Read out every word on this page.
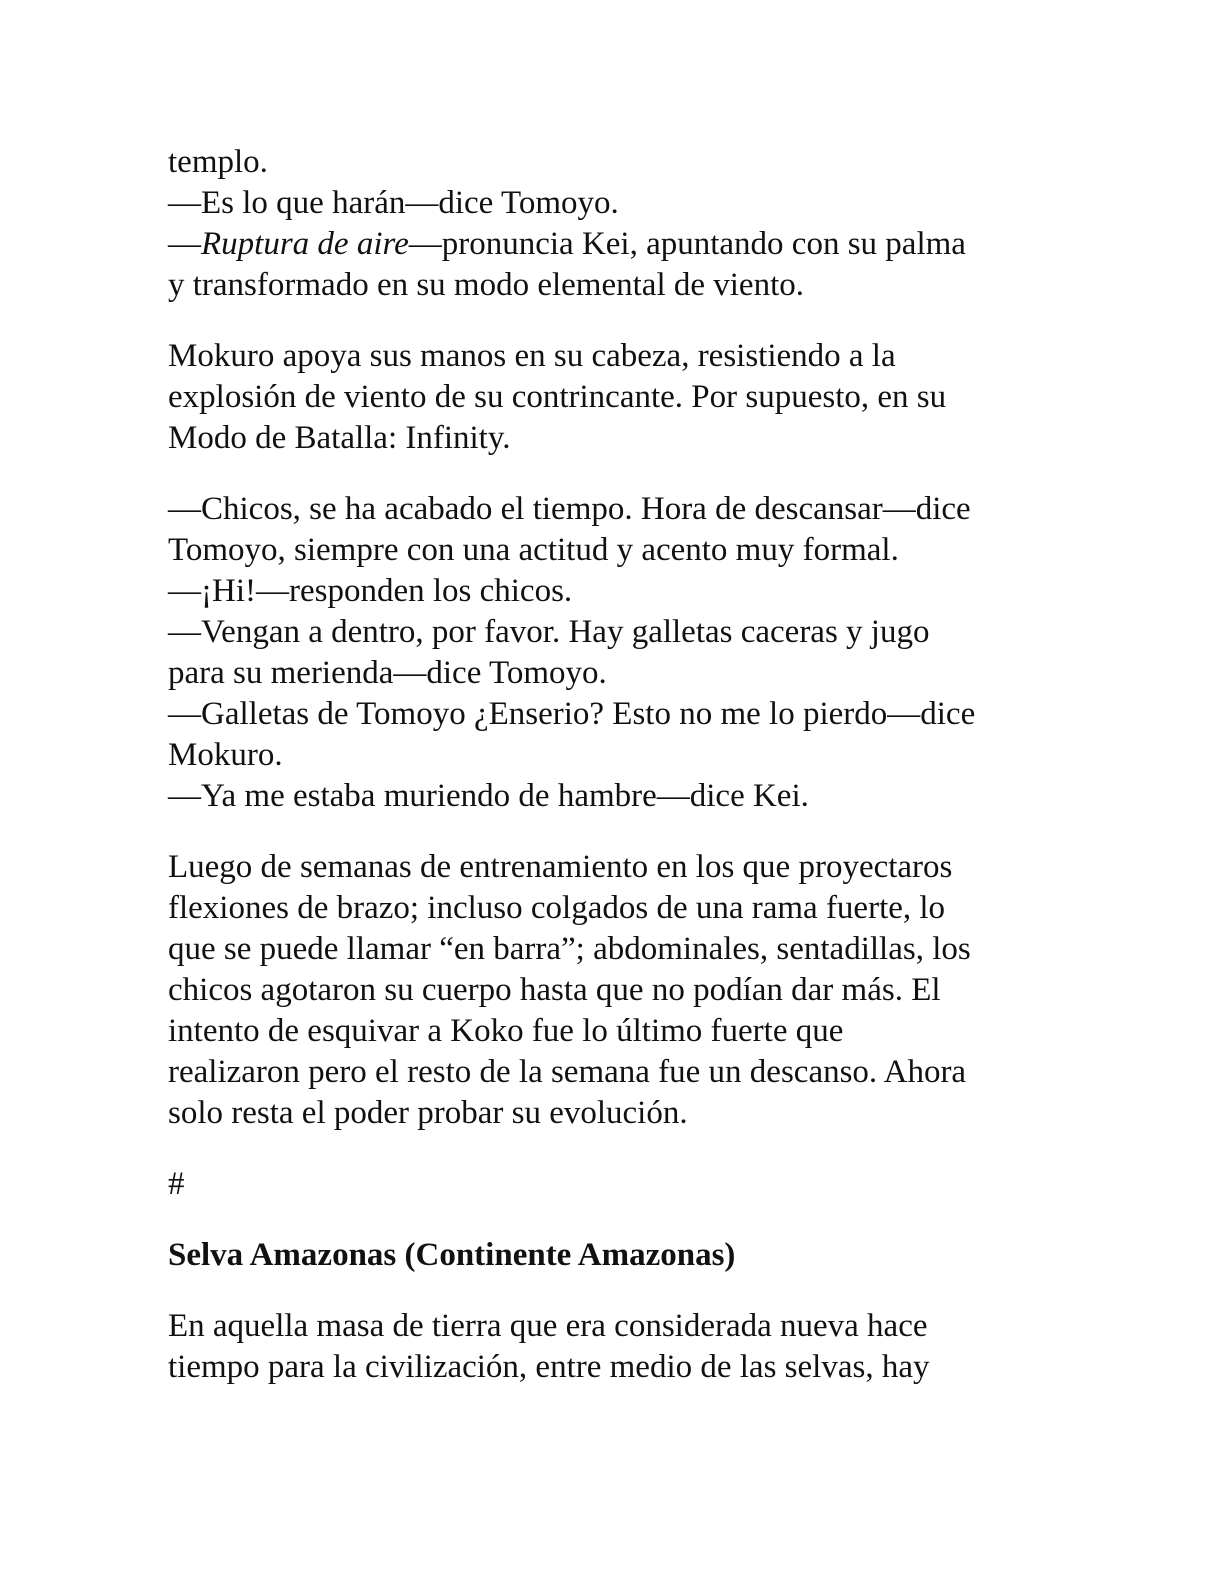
templo.
—Es lo que harán—dice Tomoyo.
—Ruptura de aire—pronuncia Kei, apuntando con su palma
y transformado en su modo elemental de viento.
Mokuro apoya sus manos en su cabeza, resistiendo a la
explosión de viento de su contrincante. Por supuesto, en su
Modo de Batalla: Infinity.
—Chicos, se ha acabado el tiempo. Hora de descansar—dice
Tomoyo, siempre con una actitud y acento muy formal.
—¡Hi!—responden los chicos.
—Vengan a dentro, por favor. Hay galletas caceras y jugo
para su merienda—dice Tomoyo.
—Galletas de Tomoyo ¿Enserio? Esto no me lo pierdo—dice
Mokuro.
—Ya me estaba muriendo de hambre—dice Kei.
Luego de semanas de entrenamiento en los que proyectaros
flexiones de brazo; incluso colgados de una rama fuerte, lo
que se puede llamar “en barra”; abdominales, sentadillas, los
chicos agotaron su cuerpo hasta que no podían dar más. El
intento de esquivar a Koko fue lo último fuerte que
realizaron pero el resto de la semana fue un descanso. Ahora
solo resta el poder probar su evolución.
#
Selva Amazonas (Continente Amazonas)
En aquella masa de tierra que era considerada nueva hace
tiempo para la civilización, entre medio de las selvas, hay
